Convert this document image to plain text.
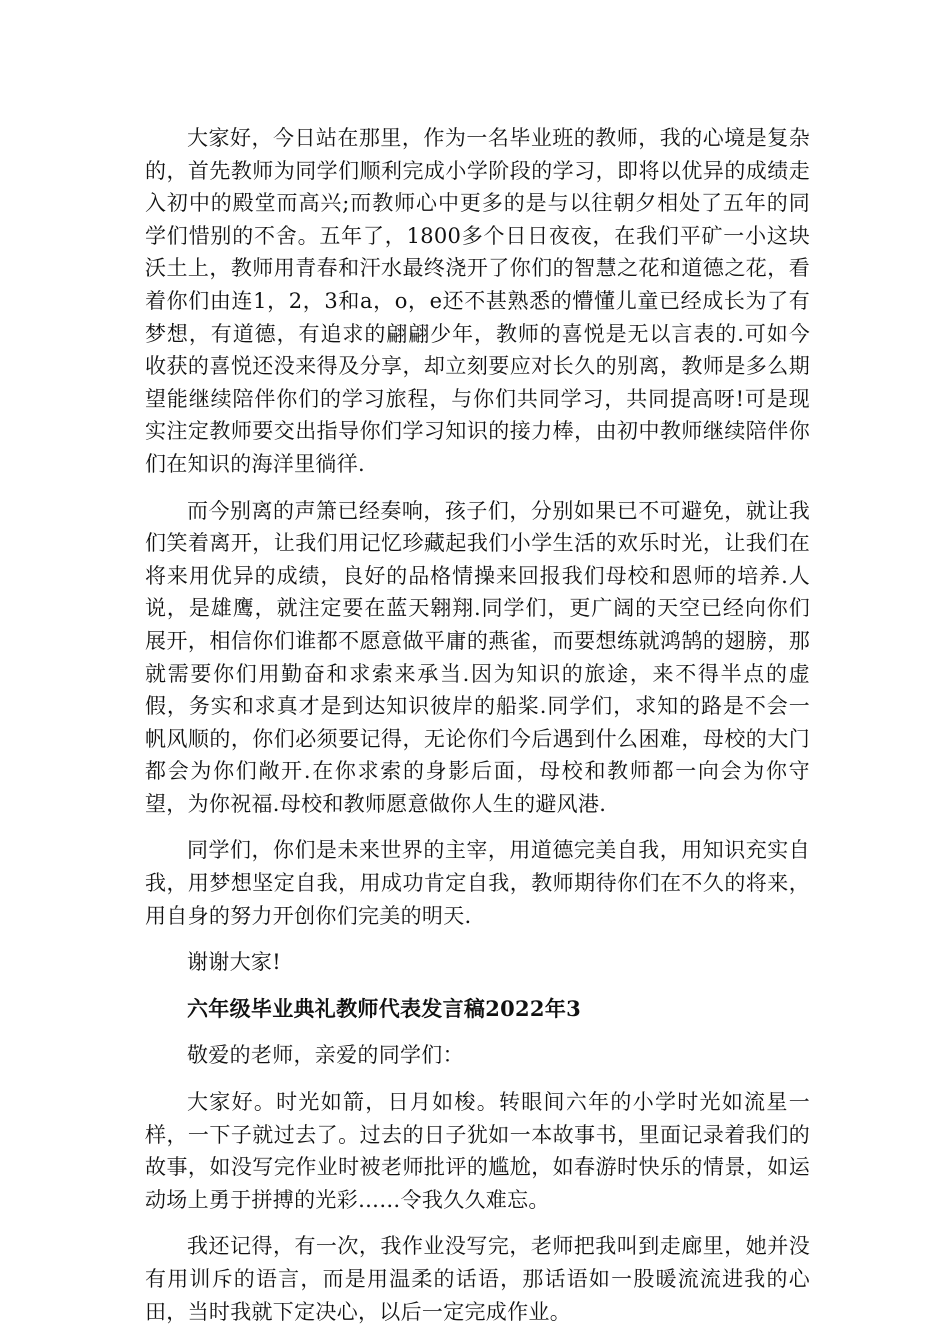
大家好，今日站在那里，作为一名毕业班的教师，我的心境是复杂的，首先教师为同学们顺利完成小学阶段的学习，即将以优异的成绩走入初中的殿堂而高兴;而教师心中更多的是与以往朝夕相处了五年的同学们惜别的不舍。五年了，1800多个日日夜夜，在我们平矿一小这块沃土上，教师用青春和汗水最终浇开了你们的智慧之花和道德之花，看着你们由连1，2，3和a，o，e还不甚熟悉的懵懂儿童已经成长为了有梦想，有道德，有追求的翩翩少年，教师的喜悦是无以言表的.可如今收获的喜悦还没来得及分享，却立刻要应对长久的别离，教师是多么期望能继续陪伴你们的学习旅程，与你们共同学习，共同提高呀!可是现实注定教师要交出指导你们学习知识的接力棒，由初中教师继续陪伴你们在知识的海洋里徜徉.

而今别离的声箫已经奏响，孩子们，分别如果已不可避免，就让我们笑着离开，让我们用记忆珍藏起我们小学生活的欢乐时光，让我们在将来用优异的成绩，良好的品格情操来回报我们母校和恩师的培养.人说，是雄鹰，就注定要在蓝天翱翔.同学们，更广阔的天空已经向你们展开，相信你们谁都不愿意做平庸的燕雀，而要想练就鸿鹄的翅膀，那就需要你们用勤奋和求索来承当.因为知识的旅途，来不得半点的虚假，务实和求真才是到达知识彼岸的船桨.同学们，求知的路是不会一帆风顺的，你们必须要记得，无论你们今后遇到什么困难，母校的大门都会为你们敞开.在你求索的身影后面，母校和教师都一向会为你守望，为你祝福.母校和教师愿意做你人生的避风港.

同学们，你们是未来世界的主宰，用道德完美自我，用知识充实自我，用梦想坚定自我，用成功肯定自我，教师期待你们在不久的将来，用自身的努力开创你们完美的明天.

谢谢大家!

六年级毕业典礼教师代表发言稿2022年3

敬爱的老师，亲爱的同学们：

大家好。时光如箭，日月如梭。转眼间六年的小学时光如流星一样，一下子就过去了。过去的日子犹如一本故事书，里面记录着我们的故事，如没写完作业时被老师批评的尴尬，如春游时快乐的情景，如运动场上勇于拼搏的光彩……令我久久难忘。

我还记得，有一次，我作业没写完，老师把我叫到走廊里，她并没有用训斥的语言，而是用温柔的话语，那话语如一股暖流流进我的心田，当时我就下定决心，以后一定完成作业。
